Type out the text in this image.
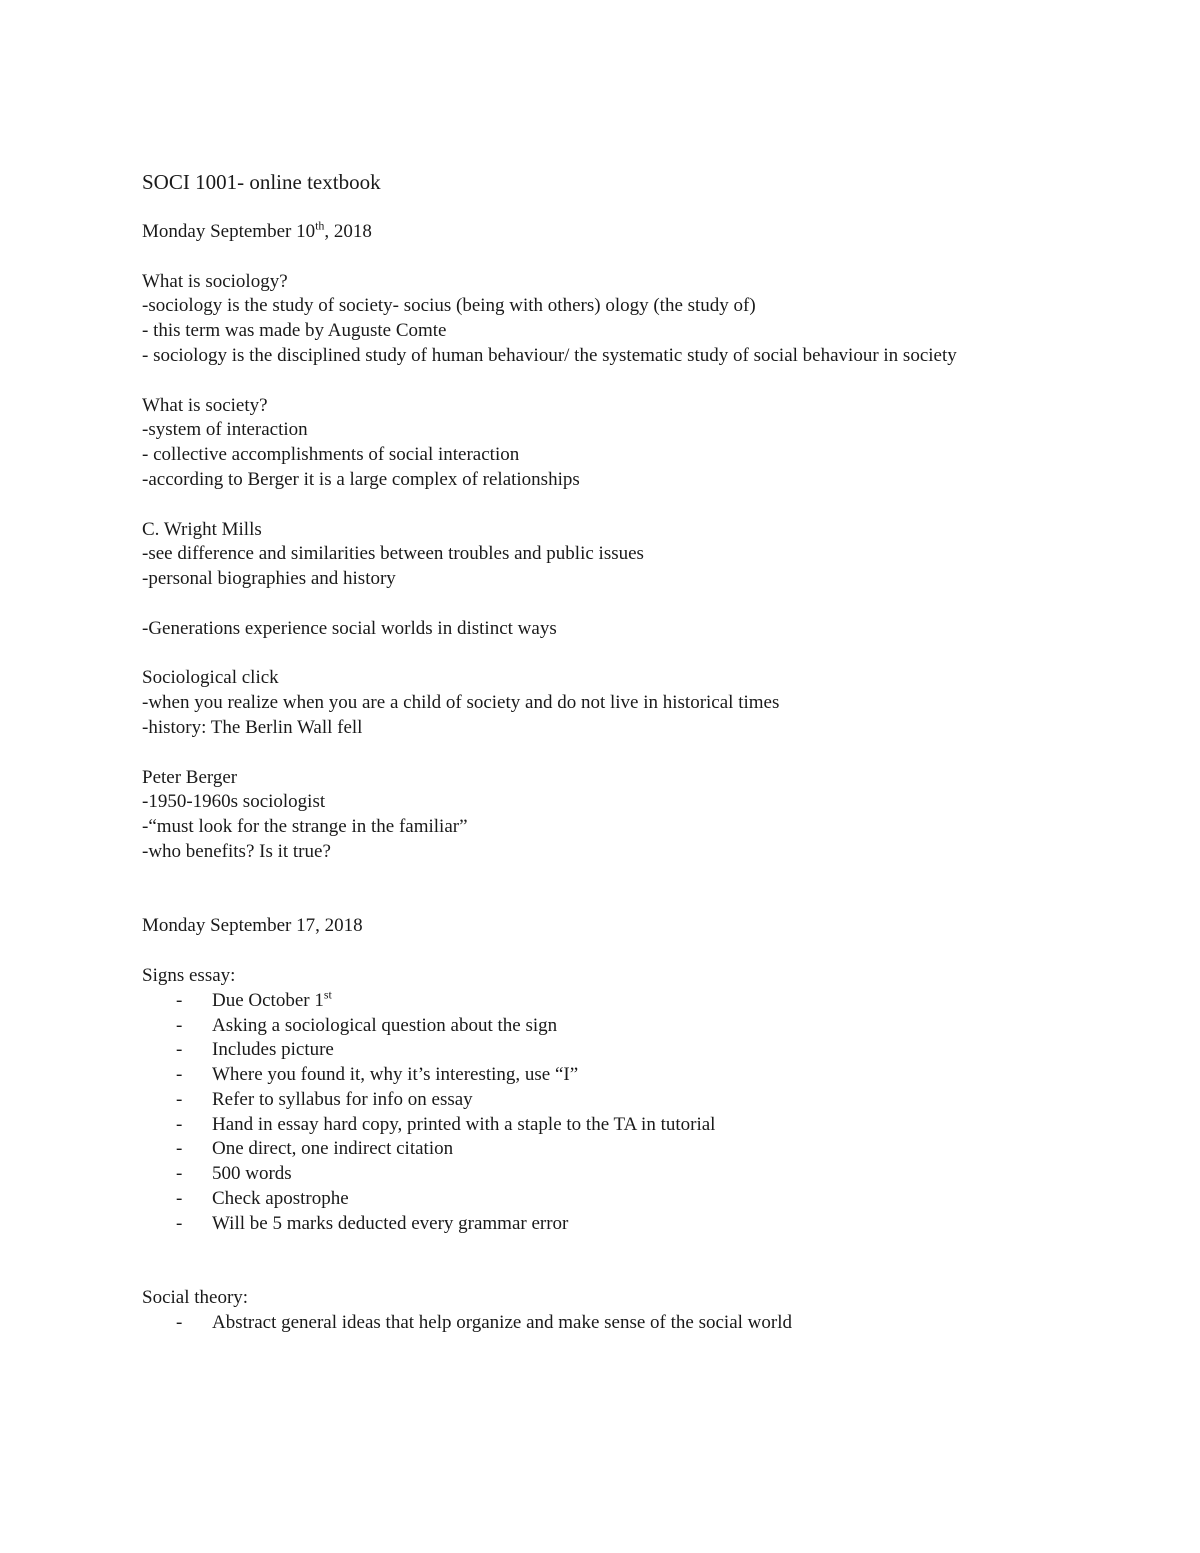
SOCI 1001- online textbook

Monday September 10th, 2018

What is sociology?

-sociology is the study of society- socius (being with others) ology (the study of)

- this term was made by Auguste Comte

- sociology is the disciplined study of human behaviour/ the systematic study of social behaviour in society

What is society?

-system of interaction

- collective accomplishments of social interaction

-according to Berger it is a large complex of relationships

C. Wright Mills

-see difference and similarities between troubles and public issues

-personal biographies and history

-Generations experience social worlds in distinct ways

Sociological click

-when you realize when you are a child of society and do not live in historical times

-history: The Berlin Wall fell

Peter Berger

-1950-1960s sociologist

-“must look for the strange in the familiar”

-who benefits? Is it true?

Monday September 17, 2018

Signs essay:

- Due October 1st
- Asking a sociological question about the sign
- Includes picture
- Where you found it, why it’s interesting, use “I”
- Refer to syllabus for info on essay
- Hand in essay hard copy, printed with a staple to the TA in tutorial
- One direct, one indirect citation
- 500 words
- Check apostrophe
- Will be 5 marks deducted every grammar error

Social theory:

- Abstract general ideas that help organize and make sense of the social world
